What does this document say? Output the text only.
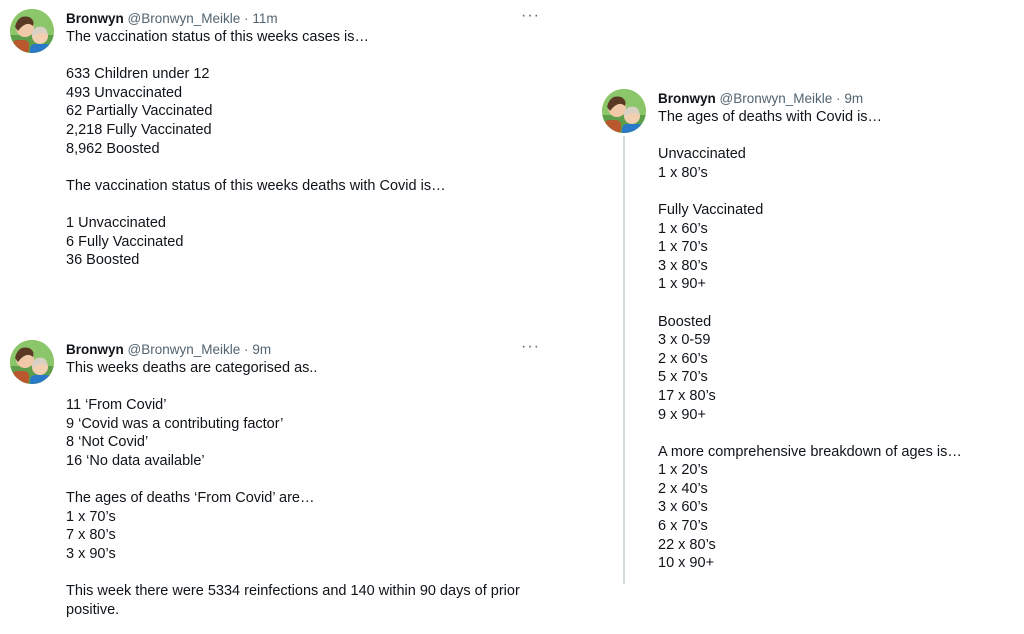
Bronwyn @Bronwyn_Meikle · 11m	···
The vaccination status of this weeks cases is…
633 Children under 12
493 Unvaccinated
62 Partially Vaccinated
2,218 Fully Vaccinated
8,962 Boosted
The vaccination status of this weeks deaths with Covid is…
1 Unvaccinated
6 Fully Vaccinated
36 Boosted
Bronwyn @Bronwyn_Meikle · 9m	···
This weeks deaths are categorised as..
11 ‘From Covid’
9 ‘Covid was a contributing factor’
8 ‘Not Covid’
16 ‘No data available’
The ages of deaths ‘From Covid’ are…
1 x 70’s
7 x 80’s
3 x 90’s
This week there were 5334 reinfections and 140 within 90 days of prior
positive.
Bronwyn @Bronwyn_Meikle · 9m
The ages of deaths with Covid is…
Unvaccinated
1 x 80’s
Fully Vaccinated
1 x 60’s
1 x 70’s
3 x 80’s
1 x 90+
Boosted
3 x 0-59
2 x 60’s
5 x 70’s
17 x 80’s
9 x 90+
A more comprehensive breakdown of ages is…
1 x 20’s
2 x 40’s
3 x 60’s
6 x 70’s
22 x 80’s
10 x 90+
